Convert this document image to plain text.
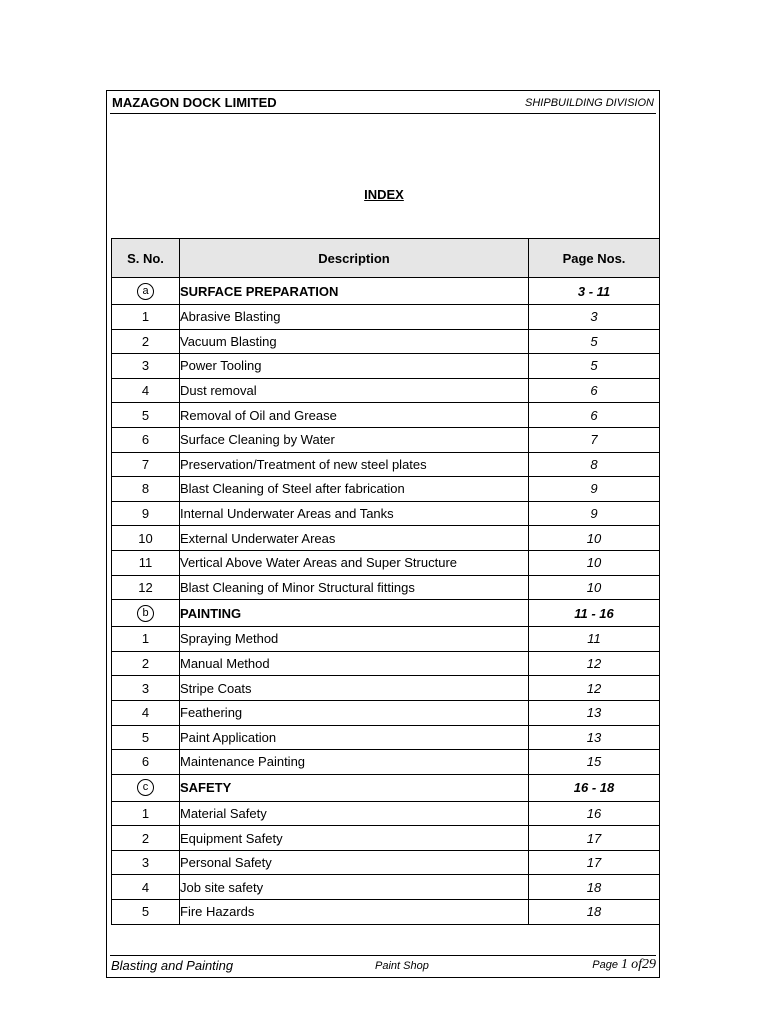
MAZAGON DOCK LIMITED	SHIPBUILDING DIVISION
INDEX
S. No.	Description	Page Nos.
a	SURFACE PREPARATION	3 - 11
1	Abrasive Blasting	3
2	Vacuum Blasting	5
3	Power Tooling	5
4	Dust removal	6
5	Removal of Oil and Grease	6
6	Surface Cleaning by Water	7
7	Preservation/Treatment of new steel plates	8
8	Blast Cleaning of Steel after fabrication	9
9	Internal Underwater Areas and Tanks	9
10	External Underwater Areas	10
11	Vertical Above Water Areas and Super Structure	10
12	Blast Cleaning of Minor Structural fittings	10
b	PAINTING	11 - 16
1	Spraying Method	11
2	Manual Method	12
3	Stripe Coats	12
4	Feathering	13
5	Paint Application	13
6	Maintenance Painting	15
c	SAFETY	16 - 18
1	Material Safety	16
2	Equipment Safety	17
3	Personal Safety	17
4	Job site safety	18
5	Fire Hazards	18
Blasting and Painting	Paint Shop	Page 1 of29
